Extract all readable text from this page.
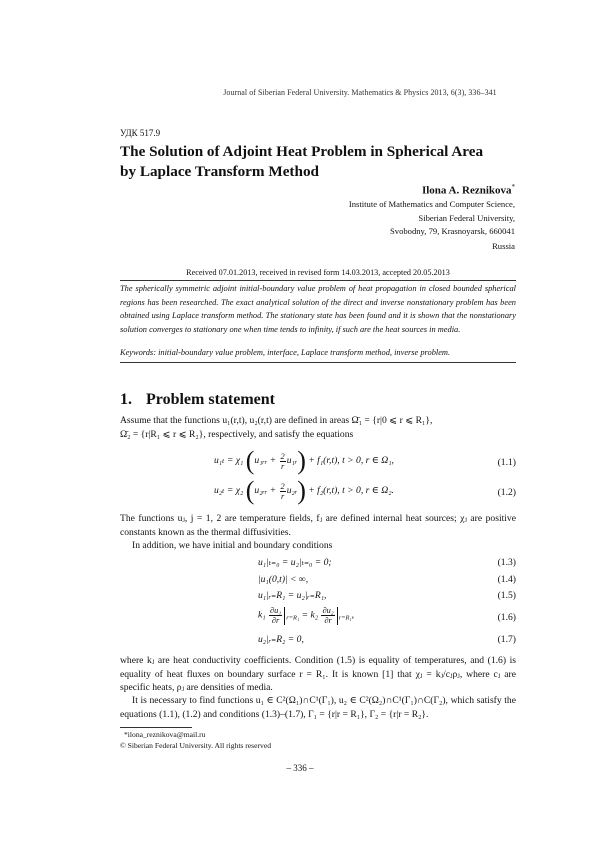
Journal of Siberian Federal University. Mathematics & Physics 2013, 6(3), 336–341
УДК 517.9
The Solution of Adjoint Heat Problem in Spherical Area
by Laplace Transform Method
Ilona A. Reznikova*
Institute of Mathematics and Computer Science,
Siberian Federal University,
Svobodny, 79, Krasnoyarsk, 660041
Russia
Received 07.01.2013, received in revised form 14.03.2013, accepted 20.05.2013
The spherically symmetric adjoint initial-boundary value problem of heat propagation in closed bounded spherical regions has been researched. The exact analytical solution of the direct and inverse nonstationary problem has been obtained using Laplace transform method. The stationary state has been found and it is shown that the nonstationary solution converges to stationary one when time tends to infinity, if such are the heat sources in media.
Keywords: initial-boundary value problem, interface, Laplace transform method, inverse problem.
1. Problem statement
Assume that the functions u₁(r,t), u₂(r,t) are defined in areas Ω̄₁ = {r|0 ⩽ r ⩽ R₁},
Ω̄₂ = {r|R₁ ⩽ r ⩽ R₂}, respectively, and satisfy the equations
u₁ₜ = χ₁ (u₁ᵣᵣ + $\frac{2}{r}$ u₁ᵣ) + f₁(r,t), t > 0, r ∈ Ω₁,	(1.1)
u₂ₜ = χ₂ (u₂ᵣᵣ + $\frac{2}{r}$ u₂ᵣ) + f₂(r,t), t > 0, r ∈ Ω₂.	(1.2)
The functions uⱼ, j = 1, 2 are temperature fields, fⱼ are defined internal heat sources; χⱼ are positive constants known as the thermal diffusivities.
In addition, we have initial and boundary conditions
u₁|ₜ₌₀ = u₂|ₜ₌₀ = 0;	(1.3)
|u₁(0,t)| < ∞,	(1.4)
u₁|ᵣ₌R₁ = u₂|ᵣ₌R₁,	(1.5)
$k_1 \frac{\text{∂u₁}}{\partial r} _{r=R_1} = k_2 \frac{\text{∂u₂}}{\partial r} _{r=R_1}$,	(1.6)
u₂|ᵣ₌R₂ = 0,	(1.7)
where kⱼ are heat conductivity coefficients. Condition (1.5) is equality of temperatures, and (1.6) is equality of heat fluxes on boundary surface r = R₁. It is known [1] that χⱼ = kⱼ/cⱼρⱼ, where cⱼ are specific heats, ρⱼ are densities of media.
It is necessary to find functions u₁ ∈ C²(Ω₁)∩C¹(Γ₁), u₂ ∈ C²(Ω₂)∩C¹(Γ₁)∩C(Γ₂), which satisfy the equations (1.1), (1.2) and conditions (1.3)–(1.7), Γ₁ = {r|r = R₁}, Γ₂ = {r|r = R₂}.
*ilona_reznikova@mail.ru
© Siberian Federal University. All rights reserved
– 336 –
